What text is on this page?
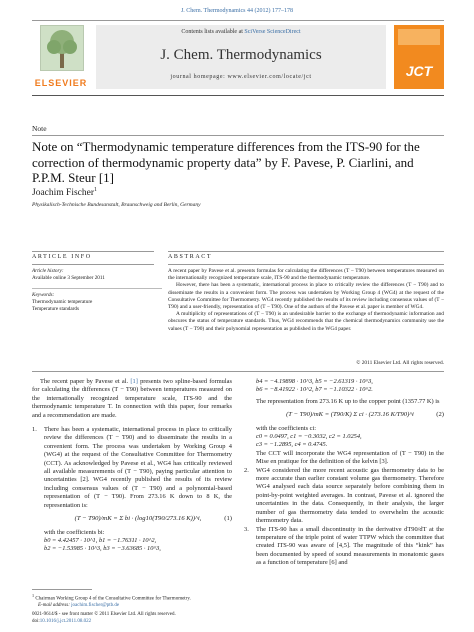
J. Chem. Thermodynamics 44 (2012) 177–178
ELSEVIER
Contents lists available at SciVerse ScienceDirect
J. Chem. Thermodynamics
journal homepage: www.elsevier.com/locate/jct	JCT
Note
Note on “Thermodynamic temperature differences from the ITS-90 for the correction of thermodynamic property data” by F. Pavese, P. Ciarlini, and P.P.M. Steur [1]
Joachim Fischer$^1$
Physikalisch-Technische Bundesanstalt, Braunschweig and Berlin, Germany
ARTICLE INFO	ABSTRACT
Article history:
Available online 3 September 2011
Keywords:
Thermodynamic temperature
Temperature standards

A recent paper by Pavese et al. presents formulas for calculating the differences (T − T90) between temperatures measured on the internationally recognized temperature scale, ITS-90 and the thermodynamic temperature.

However, there has been a systematic, international process in place to critically review the differences (T − T90) and to disseminate the results in a convenient form. The process was undertaken by Working Group 4 (WG4) at the request of the Consultative Committee for Thermometry. WG4 recently published the results of its review including consensus values of (T − T90) and a user-friendly, representation of (T − T90). One of the authors of the Pavese et al. paper is member of WG4.

A multiplicity of representations of (T − T90) is an undesirable barrier to the exchange of thermodynamic information and obscures the status of temperature standards. Thus, WG4 recommends that the chemical thermodynamics community use the values (T − T90) and their polynomial representation as published in the WG4 paper.

© 2011 Elsevier Ltd. All rights reserved.

The recent paper by Pavese et al. [1] presents two spline-based formulas for calculating the differences (T − T90) between temperatures measured on the internationally recognized temperature scale, ITS-90 and the thermodynamic temperature T. In connection with this paper, four remarks and a recommendation are made.

1. There has been a systematic, international process in place to critically review the differences (T − T90) and to disseminate the results in a convenient form. The process was undertaken by Working Group 4 (WG4) at the request of the Consultative Committee for Thermometry (CCT). As acknowledged by Pavese et al., WG4 has critically reviewed all available measurements of (T − T90), paying particular attention to uncertainties [2]. WG4 recently published the results of its review including consensus values of (T − T90) and a polynomial-based representation of (T − T90). From 273.16 K down to 8 K, the representation is:

(T − T90)/mK = Σ bi · (log10(T90/273.16 K))^i,	(1)

with the coefficients bi:

b0 = 4.42457 · 10^1, b1 = −1.76311 · 10^2,

b2 = −1.53985 · 10^3, b3 = −3.63685 · 10^3,

b4 = −4.19898 · 10^3, b5 = −2.61319 · 10^3,

b6 = −8.41922 · 10^2, b7 = −1.10322 · 10^2.

The representation from 273.16 K up to the copper point (1357.77 K) is

(T − T90)/mK = (T90/K) Σ ci · (273.16 K/T90)^i	(2)

with the coefficients ci:

c0 = 0.0497, c1 = −0.3032, c2 = 1.0254,

c3 = −1.2895, c4 = 0.4745.

The CCT will incorporate the WG4 representation of (T − T90) in the Mise en pratique for the definition of the kelvin [3].

2. WG4 considered the more recent acoustic gas thermometry data to be more accurate than earlier constant volume gas thermometry. Therefore WG4 analysed each data source separately before combining them in point-by-point weighted averages. In contrast, Pavese et al. ignored the uncertainties in the data. Consequently, in their analysis, the larger number of gas thermometry data tended to overwhelm the acoustic thermometry data.

3. The ITS-90 has a small discontinuity in the derivative dT90/dT at the temperature of the triple point of water TTPW which the committee that created ITS-90 was aware of [4,5]. The magnitude of this “kink” has been documented by speed of sound measurements in monatomic gases as a function of temperature [6] and

$^1$ Chairman Working Group 4 of the Consultative Committee for Thermometry.
E-mail address: joachim.fischer@ptb.de
0021-9614/$ - see front matter © 2011 Elsevier Ltd. All rights reserved.
doi:10.1016/j.jct.2011.08.022
